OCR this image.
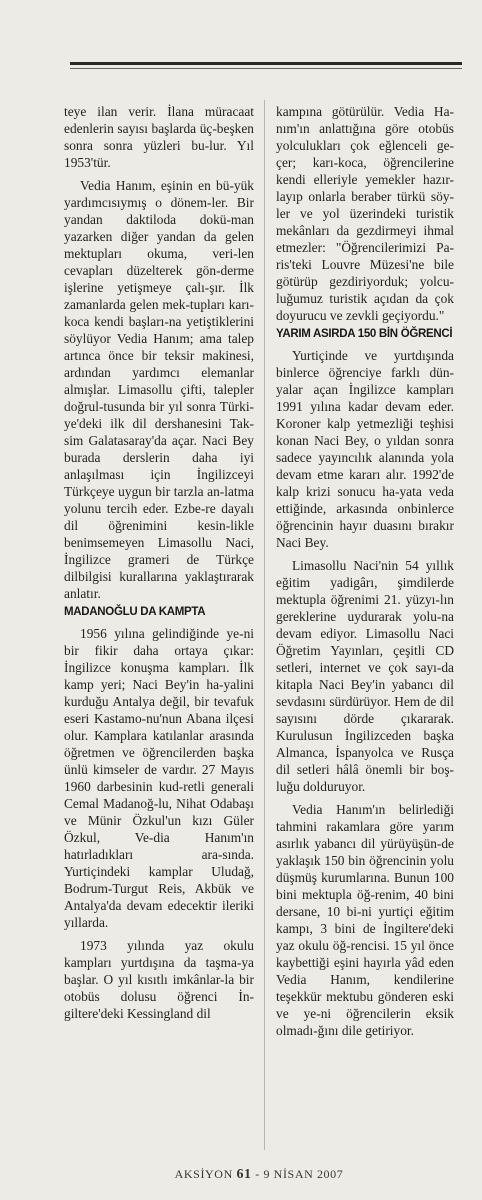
teye ilan verir. İlana müracaat edenlerin sayısı başlarda üç-beşken sonra sonra yüzleri bu-lur. Yıl 1953'tür.

Vedia Hanım, eşinin en bü-yük yardımcısıymış o dönem-ler. Bir yandan daktiloda dokü-man yazarken diğer yandan da gelen mektupları okuma, veri-len cevapları düzelterek gön-derme işlerine yetişmeye çalı-şır. İlk zamanlarda gelen mek-tupları karı-koca kendi başları-na yetiştiklerini söylüyor Vedia Hanım; ama talep artınca önce bir teksir makinesi, ardından yardımcı elemanlar almışlar. Limasollu çifti, talepler doğrul-tusunda bir yıl sonra Türki-ye'deki ilk dil dershanesini Tak-sim Galatasaray'da açar. Naci Bey burada derslerin daha iyi anlaşılması için İngilizceyi Türkçeye uygun bir tarzla an-latma yolunu tercih eder. Ezbe-re dayalı dil öğrenimini kesin-likle benimsemeyen Limasollu Naci, İngilizce grameri de Türkçe dilbilgisi kurallarına yaklaştırarak anlatır.

MADANOĞLU DA KAMPTA

1956 yılına gelindiğinde ye-ni bir fikir daha ortaya çıkar: İngilizce konuşma kampları. İlk kamp yeri; Naci Bey'in ha-yalini kurduğu Antalya değil, bir tevafuk eseri Kastamo-nu'nun Abana ilçesi olur. Kamplara katılanlar arasında öğretmen ve öğrencilerden başka ünlü kimseler de vardır. 27 Mayıs 1960 darbesinin kud-retli generali Cemal Madanoğ-lu, Nihat Odabaşı ve Münir Özkul'un kızı Güler Özkul, Ve-dia Hanım'ın hatırladıkları ara-sında. Yurtiçindeki kamplar Uludağ, Bodrum-Turgut Reis, Akbük ve Antalya'da devam edecektir ileriki yıllarda.

1973 yılında yaz okulu kampları yurtdışına da taşma-ya başlar. O yıl kısıtlı imkânlar-la bir otobüs dolusu öğrenci İn-giltere'deki Kessingland dil

kampına götürülür. Vedia Ha-nım'ın anlattığına göre otobüs yolculukları çok eğlenceli ge-çer; karı-koca, öğrencilerine kendi elleriyle yemekler hazır-layıp onlarla beraber türkü söy-ler ve yol üzerindeki turistik mekânları da gezdirmeyi ihmal etmezler: "Öğrencilerimizi Pa-ris'teki Louvre Müzesi'ne bile götürüp gezdiriyorduk; yolcu-luğumuz turistik açıdan da çok doyurucu ve zevkli geçiyordu."

YARIM ASIRDA 150 BİN ÖĞRENCİ

Yurtiçinde ve yurtdışında binlerce öğrenciye farklı dün-yalar açan İngilizce kampları 1991 yılına kadar devam eder. Koroner kalp yetmezliği teşhisi konan Naci Bey, o yıldan sonra sadece yayıncılık alanında yola devam etme kararı alır. 1992'de kalp krizi sonucu ha-yata veda ettiğinde, arkasında onbinlerce öğrencinin hayır duasını bırakır Naci Bey.

Limasollu Naci'nin 54 yıllık eğitim yadigârı, şimdilerde mektupla öğrenimi 21. yüzyı-lın gereklerine uydurarak yolu-na devam ediyor. Limasollu Naci Öğretim Yayınları, çeşitli CD setleri, internet ve çok sayı-da kitapla Naci Bey'in yabancı dil sevdasını sürdürüyor. Hem de dil sayısını dörde çıkararak. Kurulusun İngilizceden başka Almanca, İspanyolca ve Rusça dil setleri hâlâ önemli bir boş-luğu dolduruyor.

Vedia Hanım'ın belirlediği tahmini rakamlara göre yarım asırlık yabancı dil yürüyüşün-de yaklaşık 150 bin öğrencinin yolu düşmüş kurumlarına. Bunun 100 bini mektupla öğ-renim, 40 bini dersane, 10 bi-ni yurtiçi eğitim kampı, 3 bini de İngiltere'deki yaz okulu öğ-rencisi. 15 yıl önce kaybettiği eşini hayırla yâd eden Vedia Hanım, kendilerine teşekkür mektubu gönderen eski ve ye-ni öğrencilerin eksik olmadı-ğını dile getiriyor.

AKSİYON 61 - 9 NİSAN 2007
